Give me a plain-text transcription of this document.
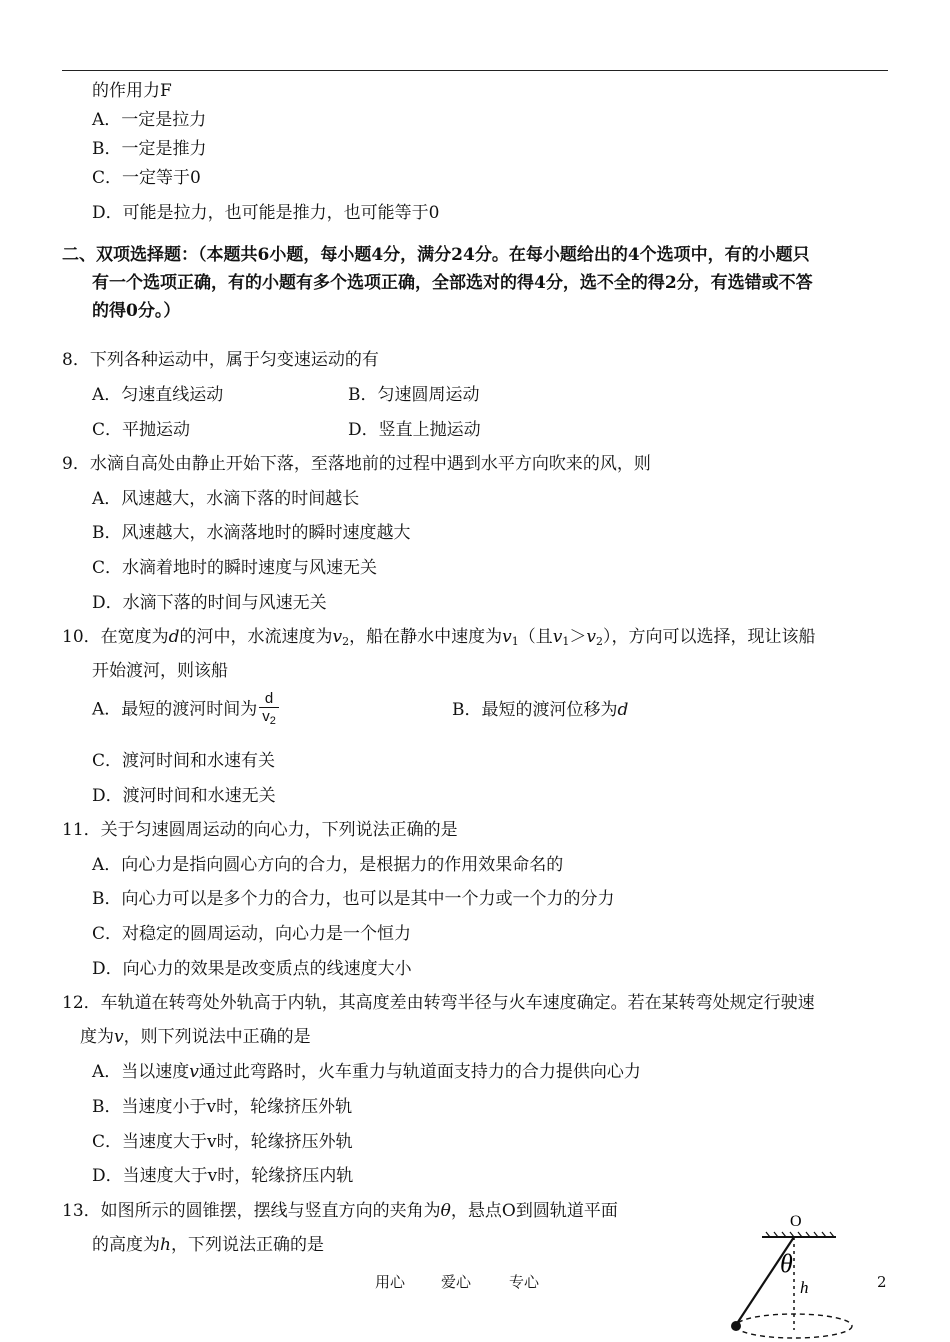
的作用力F
A．一定是拉力
B．一定是推力
C．一定等于0
D．可能是拉力，也可能是推力，也可能等于0
二、双项选择题：（本题共6小题，每小题4分，满分24分。在每小题给出的4个选项中，有的小题只
有一个选项正确，有的小题有多个选项正确，全部选对的得4分，选不全的得2分，有选错或不答
的得0分。）
8．下列各种运动中，属于匀变速运动的有
A．匀速直线运动	B．匀速圆周运动
C．平抛运动	D．竖直上抛运动
9．水滴自高处由静止开始下落，至落地前的过程中遇到水平方向吹来的风，则
A．风速越大，水滴下落的时间越长
B．风速越大，水滴落地时的瞬时速度越大
C．水滴着地时的瞬时速度与风速无关
D．水滴下落的时间与风速无关
10．在宽度为d的河中，水流速度为$v_2$，船在静水中速度为$v_1$（且$v_1>v_2$），方向可以选择，现让该船
开始渡河，则该船
A．最短的渡河时间为 $\frac{d}{v_2}$	B．最短的渡河位移为d
C．渡河时间和水速有关
D．渡河时间和水速无关
11．关于匀速圆周运动的向心力，下列说法正确的是
A．向心力是指向圆心方向的合力，是根据力的作用效果命名的
B．向心力可以是多个力的合力，也可以是其中一个力或一个力的分力
C．对稳定的圆周运动，向心力是一个恒力
D．向心力的效果是改变质点的线速度大小
12．车轨道在转弯处外轨高于内轨，其高度差由转弯半径与火车速度确定。若在某转弯处规定行驶速
度为v，则下列说法中正确的是
A．当以速度v通过此弯路时，火车重力与轨道面支持力的合力提供向心力
B．当速度小于v时，轮缘挤压外轨
C．当速度大于v时，轮缘挤压外轨
D．当速度大于v时，轮缘挤压内轨
13．如图所示的圆锥摆，摆线与竖直方向的夹角为θ，悬点O到圆轨道平面
的高度为h，下列说法正确的是
O
θ
h
用心 爱心	专心	2
